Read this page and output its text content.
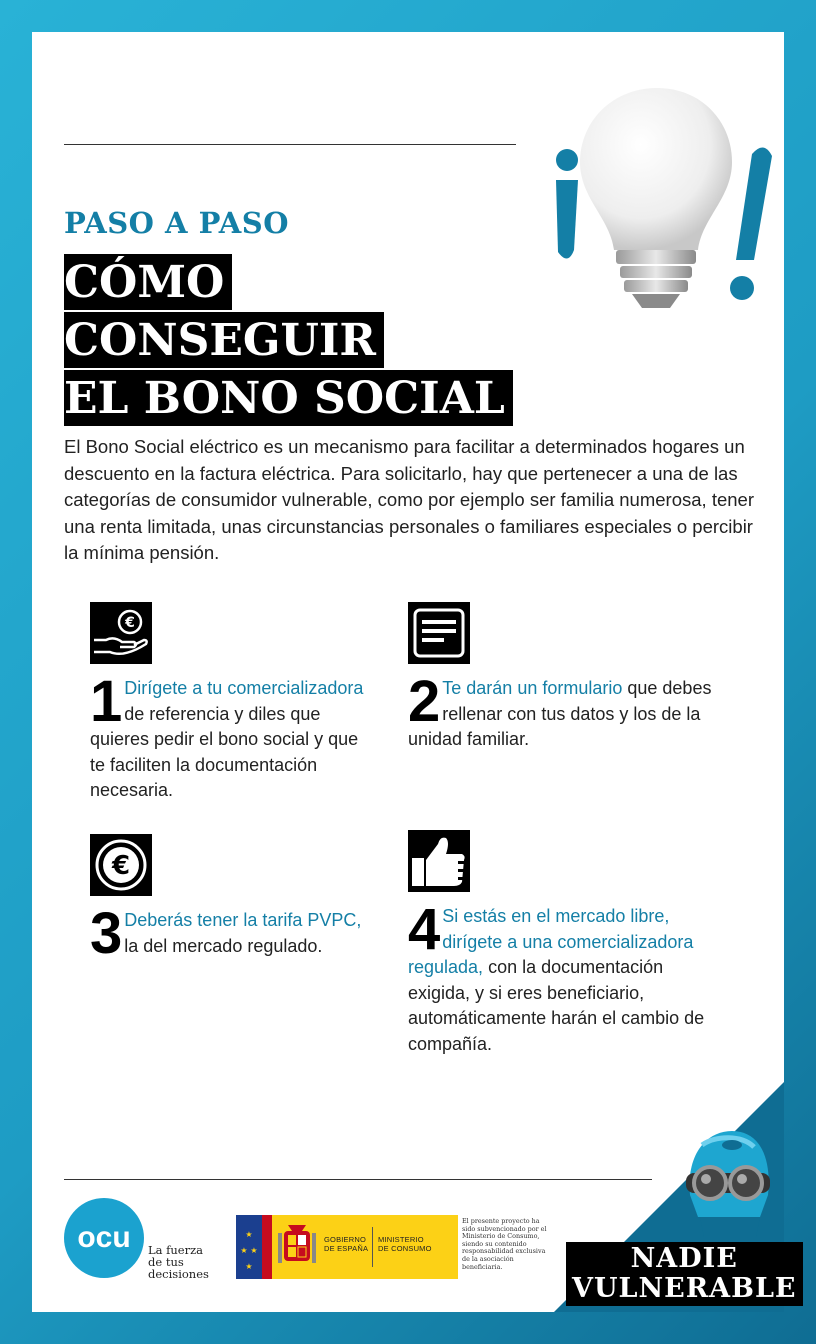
PASO A PASO
CÓMO
CONSEGUIR
EL BONO SOCIAL

El Bono Social eléctrico es un mecanismo para facilitar a determinados hogares un descuento en la factura eléctrica. Para solicitarlo, hay que pertenecer a una de las categorías de consumidor vulnerable, como por ejemplo ser familia numerosa, tener una renta limitada, unas circunstancias personales o familiares especiales o percibir la mínima pensión.

€
1 Dirígete a tu comercializadora de referencia y diles que quieres pedir el bono social y que te faciliten la documentación necesaria.
2 Te darán un formulario que debes rellenar con tus datos y los de la unidad familiar.
€
3 Deberás tener la tarifa PVPC, la del mercado regulado.	4 Si estás en el mercado libre, dirígete a una comercializadora regulada, con la documentación exigida, y si eres beneficiario, automáticamente harán el cambio de compañía.
ocu	La fuerza
de tus decisiones
★
★ ★
★
GOBIERNO
DE ESPAÑA
MINISTERIO
DE CONSUMO
El presente proyecto ha sido subvencionado por el Ministerio de Consumo, siendo su contenido responsabilidad exclusiva de la asociación beneficiaria.	NADIE
VULNERABLE
